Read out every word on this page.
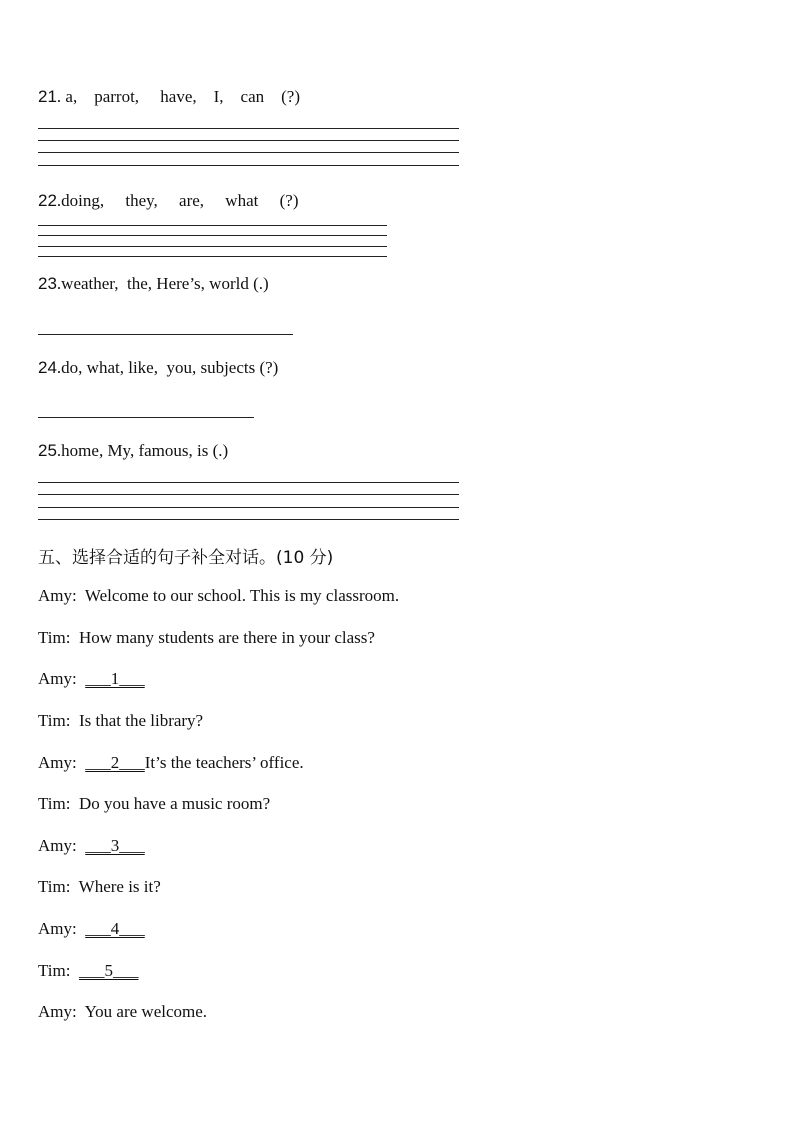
21. a,    parrot,     have,    I,    can    (?)
22.doing,     they,     are,     what     (?)
23.weather,  the, Here’s, world (.)
24.do, what, like,  you, subjects (?)
25.home, My, famous, is (.)
五、选择合适的句子补全对话。(10 分)
Amy:  Welcome to our school. This is my classroom.
Tim:  How many students are there in your class?
Amy:  ___1___
Tim:  Is that the library?
Amy:  ___2___It’s the teachers’ office.
Tim:  Do you have a music room?
Amy:  ___3___
Tim:  Where is it?
Amy:  ___4___
Tim:  ___5___
Amy:  You are welcome.
